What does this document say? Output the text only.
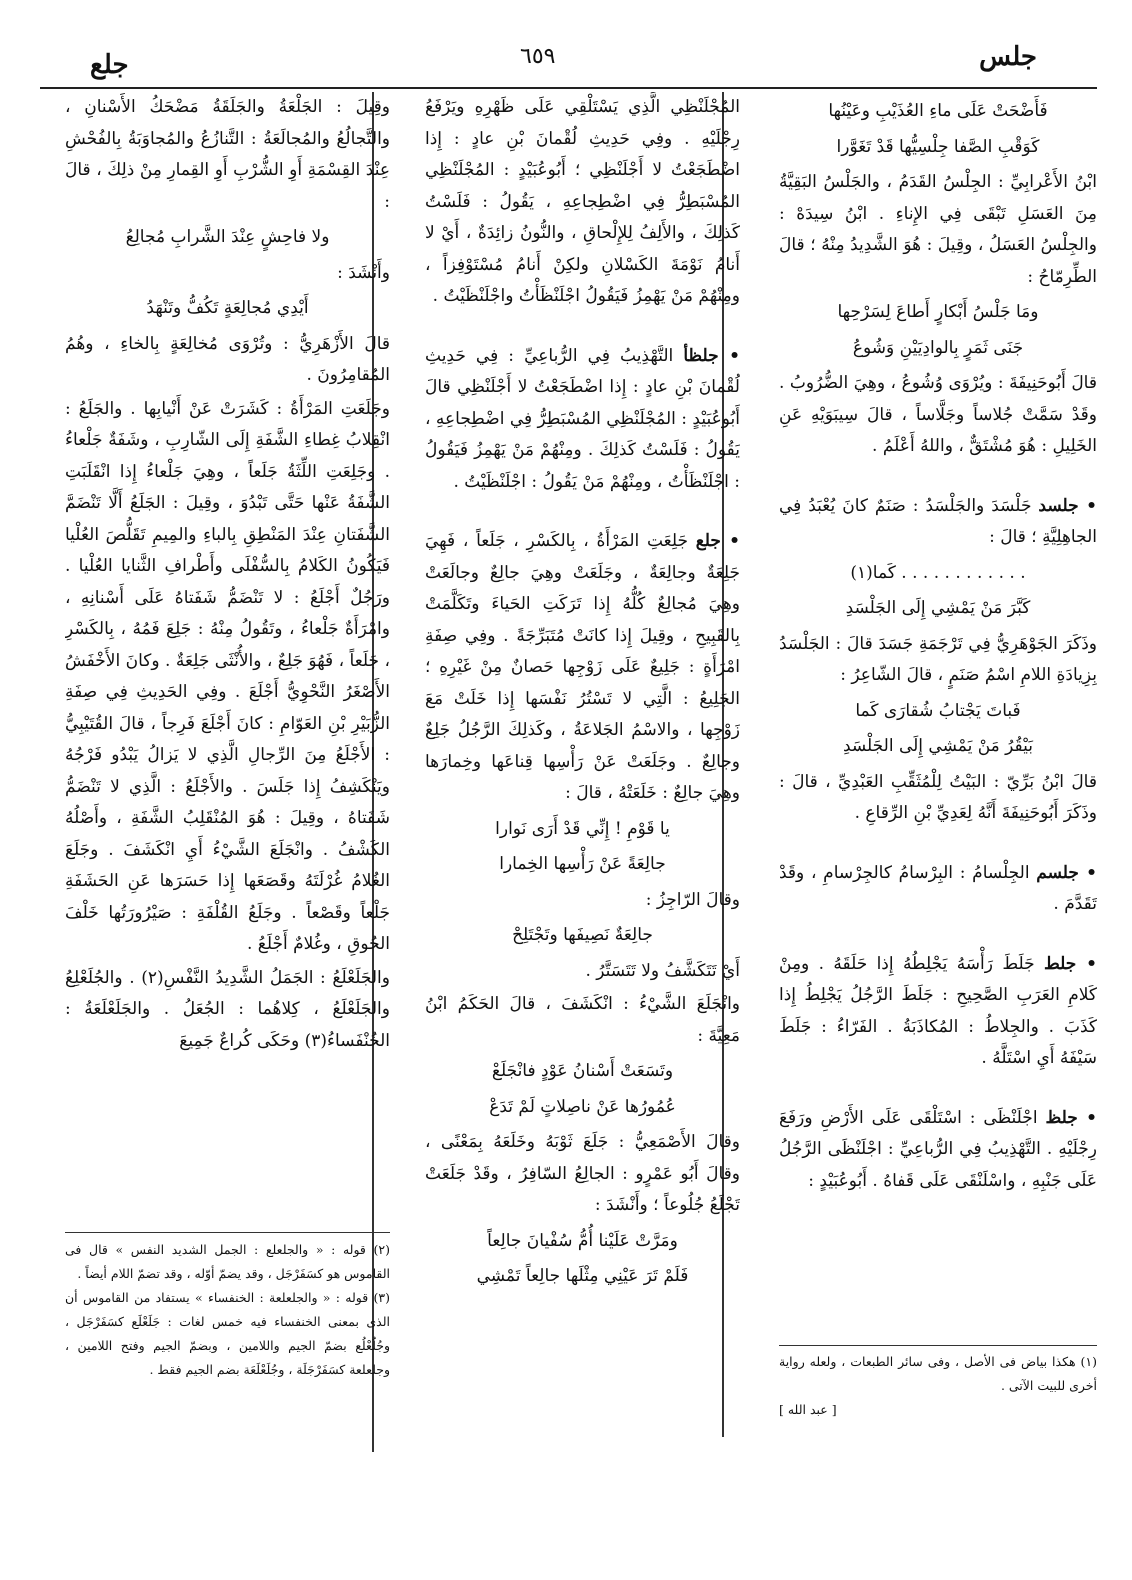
جلس
٦٥٩
جلع
فَأَضْحَتْ عَلَى ماءِ العُذَيْبِ وعَيْنُها
كَوَقْبِ الصَّفا جِلْسِيُّها قَدْ تَغَوَّرا

ابْنُ الأَعْرابِيِّ : الجِلْسُ القَدَمُ ، والجَلْسُ البَقِيَّةُ مِنَ العَسَلِ تَبْقَى فِي الإِناءِ . ابْنُ سِيدَهْ : والجِلْسُ العَسَلُ ، وقِيلَ : هُوَ الشَّدِيدُ مِنْهُ ؛ قالَ الطِّرِمّاحُ :

ومَا جَلْسُ أَبْكارٍ أَطاعَ لِسَرْحِها
جَنَى ثَمَرٍ بِالوادِيَيْنِ وَشُوعُ

قالَ أَبُوحَنِيفَةَ : ويُرْوَى وُشُوعُ ، وهِيَ الضُّرُوبُ . وقَدْ سَمَّتْ جُلاساً وجَلَّاساً ، قالَ سِيبَوَيْهِ عَنِ الخَلِيلِ : هُوَ مُشْتَقٌّ ، واللهُ أَعْلَمُ .

• جلسد جَلْسَدَ والجَلْسَدُ : صَنَمٌ كانَ يُعْبَدُ فِي الجاهِلِيَّةِ ؛ قالَ :

. . . . . . . . . . . . كَما(١)
كَبَّرَ مَنْ يَمْشِي إِلَى الجَلْسَدِ

وذَكَرَ الجَوْهَرِيُّ فِي تَرْجَمَةِ جَسَدَ قالَ : الجَلْسَدُ بِزِيادَةِ اللامِ اسْمُ صَنَمٍ ، قالَ الشّاعِرُ :

فَباتَ يَجْتابُ شُقارَى كَما
بَيْقُرُ مَنْ يَمْشِي إِلَى الجَلْسَدِ

قالَ ابْنُ بَرِّيّ : البَيْتُ لِلْمُثَقِّبِ العَبْدِيِّ ، قالَ : وذَكَرَ أَبُوحَنِيفَةَ أَنَّهُ لِعَدِيِّ بْنِ الرِّقاعِ .

• جلسم الجِلْسامُ : البِرْسامُ كالجِرْسامِ ، وقَدْ تَقَدَّمَ .

• جلط جَلَطَ رَأْسَهُ يَجْلِطُهُ إِذا حَلَقَهُ . ومِنْ كَلامِ العَرَبِ الصَّحِيحِ : جَلَطَ الرَّجُلُ يَجْلِطُ إِذا كَذَبَ . والجِلاطُ : المُكاذَبَةُ . الفَرّاءُ : جَلَطَ سَيْفَهُ أَيِ اسْتَلَّهُ .

• جلظ اجْلَنْظَى : اسْتَلْقَى عَلَى الأَرْضِ ورَفَعَ رِجْلَيْهِ . التَّهْذِيبُ فِي الرُّباعِيِّ : اجْلَنْظَى الرَّجُلُ عَلَى جَنْبِهِ ، واسْلَنْقَى عَلَى قَفاهُ . أَبُوعُبَيْدٍ :

المُجْلَنْظِي الَّذِي يَسْتَلْقِي عَلَى ظَهْرِهِ ويَرْفَعُ رِجْلَيْهِ . وفِي حَدِيثِ لُقْمانَ بْنِ عادٍ : إِذا اضْطَجَعْتُ لا أَجْلَنْظِي ؛ أَبُوعُبَيْدٍ : المُجْلَنْظِي المُسْبَطِرُّ فِي اضْطِجاعِهِ ، يَقُولُ : فَلَسْتُ كَذلِكَ ، والأَلِفُ لِلإِلْحاقِ ، والنُّونُ زائِدَةٌ ، أَيْ لا أَنامُ نَوْمَةَ الكَسْلانِ ولكِنْ أَنامُ مُسْتَوْفِزاً ، ومِنْهُمْ مَنْ يَهْمِزُ فَيَقُولُ اجْلَنْظَأْتُ واجْلَنْظَيْتُ .

• جلظأ التَّهْذِيبُ فِي الرُّباعِيِّ : فِي حَدِيثِ لُقْمانَ بْنِ عادٍ : إِذا اضْطَجَعْتُ لا أَجْلَنْظِي قالَ أَبُوعُبَيْدٍ : المُجْلَنْظِي المُسْبَطِرُّ فِي اضْطِجاعِهِ ، يَقُولُ : فَلَسْتُ كَذلِكَ . ومِنْهُمْ مَنْ يَهْمِزُ فَيَقُولُ : اجْلَنْظَأْتُ ، ومِنْهُمْ مَنْ يَقُولُ : اجْلَنْظَيْتُ .

• جلع جَلِعَتِ المَرْأَةُ ، بِالكَسْرِ ، جَلَعاً ، فَهِيَ جَلِعَةٌ وجالِعَةٌ ، وجَلَعَتْ وهِيَ جالِعٌ وجالَعَتْ وهِيَ مُجالِعٌ كُلُّهُ إِذا تَرَكَتِ الحَياءَ وتَكَلَّمَتْ بِالقَبِيحِ ، وقِيلَ إِذا كانَتْ مُتَبَرِّجَةً . وفِي صِفَةِ امْرَأَةٍ : جَلِيعٌ عَلَى زَوْجِها حَصانٌ مِنْ غَيْرِهِ ؛ الجَلِيعُ : الَّتِي لا تَسْتُرُ نَفْسَها إِذا خَلَتْ مَعَ زَوْجِها ، والاسْمُ الجَلاعَةُ ، وكَذلِكَ الرَّجُلُ جَلِعٌ وجالِعٌ . وجَلَعَتْ عَنْ رَأْسِها قِناعَها وخِمارَها وهِيَ جالِعٌ : خَلَعَتْهُ ، قالَ :

يا قَوْمِ ! إِنِّي قَدْ أَرَى نَوارا
جالِعَةً عَنْ رَأْسِها الخِمارا

وقالَ الرّاجِزُ :

جالِعَةٌ نَصِيفَها وتَجْتَلِحْ

أَيْ تَتَكَشَّفُ ولا تَتَسَتَّرُ .

وانْجَلَعَ الشَّيْءُ : انْكَشَفَ ، قالَ الحَكَمُ ابْنُ مَعِيَّةَ :

وتَسَعَتْ أَسْنانُ عَوْدٍ فانْجَلَعْ
عُمُورُها عَنْ ناصِلاتٍ لَمْ تَدَعْ

وقالَ الأَصْمَعِيُّ : جَلَعَ ثَوْبَهُ وخَلَعَهُ بِمَعْنًى ، وقالَ أَبُو عَمْرٍو : الجالِعُ السّافِرُ ، وقَدْ جَلَعَتْ تَجْلَعُ جُلُوعاً ؛ وأَنْشَدَ :

ومَرَّتْ عَلَيْنا أُمُّ سُفْيانَ جالِعاً
فَلَمْ تَرَ عَيْنِي مِثْلَها جالِعاً تَمْشِي

وقِيلَ : الجَلْعَةُ والجَلَقَةُ مَضْحَكُ الأَسْنانِ ، والتَّجالُعُ والمُجالَعَةُ : التَّنازُعُ والمُجاوَبَةُ بِالفُحْشِ عِنْدَ القِسْمَةِ أَوِ الشُّرْبِ أَوِ القِمارِ مِنْ ذلِكَ ، قالَ :

ولا فاحِشٍ عِنْدَ الشَّرابِ مُجالِعُ

وأَنْشَدَ :

أَيْدِي مُجالِعَةٍ تَكُفُّ وتَنْهَدُ

قالَ الأَزْهَرِيُّ : وتُرْوَى مُخالِعَةٍ بِالخاءِ ، وهُمُ المُقامِرُونَ .

وجَلَعَتِ المَرْأَةُ : كَشَرَتْ عَنْ أَنْيابِها . والجَلَعُ : انْقِلابُ غِطاءِ الشَّفَةِ إِلَى الشّارِبِ ، وشَفَةٌ جَلْعاءُ . وجَلِعَتِ اللِّثَةُ جَلَعاً ، وهِيَ جَلْعاءُ إِذا انْقَلَبَتِ الشَّفَةُ عَنْها حَتَّى تَبْدُوَ ، وقِيلَ : الجَلَعُ أَلَّا تَنْضَمَّ الشَّفَتانِ عِنْدَ المَنْطِقِ بِالباءِ والمِيمِ تَقَلُّصَ العُلْيا فَيَكُونُ الكَلامُ بِالسُّفْلَى وأَطْرافِ الثَّنايا العُلْيا . ورَجُلٌ أَجْلَعُ : لا تَنْضَمُّ شَفَتاهُ عَلَى أَسْنانِهِ ، وامْرَأَةٌ جَلْعاءُ ، وتَقُولُ مِنْهُ : جَلِعَ فَمُهُ ، بِالكَسْرِ ، جَلَعاً ، فَهُوَ جَلِعٌ ، والأُنْثَى جَلِعَةٌ . وكانَ الأَخْفَشُ الأَصْغَرُ النَّحْوِيُّ أَجْلَعَ . وفِي الحَدِيثِ فِي صِفَةِ الزُّبَيْرِ بْنِ العَوّامِ : كانَ أَجْلَعَ فَرِجاً ، قالَ القُتَيْبِيُّ : الأَجْلَعُ مِنَ الرِّجالِ الَّذِي لا يَزالُ يَبْدُو فَرْجُهُ ويَنْكَشِفُ إِذا جَلَسَ . والأَجْلَعُ : الَّذِي لا تَنْضَمُّ شَفَتاهُ ، وقِيلَ : هُوَ المُنْقَلِبُ الشَّفَةِ ، وأَصْلُهُ الكَشْفُ . وانْجَلَعَ الشَّيْءُ أَيِ انْكَشَفَ . وجَلَعَ الغُلامُ غُرْلَتَهُ وقَصَعَها إِذا حَسَرَها عَنِ الحَشَفَةِ جَلْعاً وقَصْعاً . وجَلَعُ القُلْفَةِ : صَيْرُورَتُها خَلْفَ الحُوقِ ، وغُلامٌ أَجْلَعُ .

والجَلَعْلَعُ : الجَمَلُ الشَّدِيدُ النَّفْسِ(٢) . والجُلَعْلِعُ والجَلَعْلَعُ ، كِلاهُما : الجُعَلُ . والجَلَعْلَعَةُ : الخُنْفَساءُ(٣) وحَكَى كُراعٌ جَمِيعَ

(١) هكذا بياض فى الأصل ، وفى سائر الطبعات ، ولعله رواية أخرى للبيت الآتى .
[ عبد الله ]
(٢) قوله : « والجلعلع : الجمل الشديد النفس » قال فى القاموس هو كسَفَرْجَل ، وقد يضمّ أوّله ، وقد تضمّ اللام أيضاً .
(٣) قوله : « والجلعلعة : الخنفساء » يستفاد من القاموس أن الذى بمعنى الخنفساء فيه خمس لغات : جَلَعْلَع كسَفَرْجَل ، وجُلُعْلُع بضمّ الجيم واللامين ، وبضمّ الجيم وفتح اللامين ، وجلعلعة كسَفَرْجَلَة ، وجُلَعْلَعَة بضم الجيم فقط .
